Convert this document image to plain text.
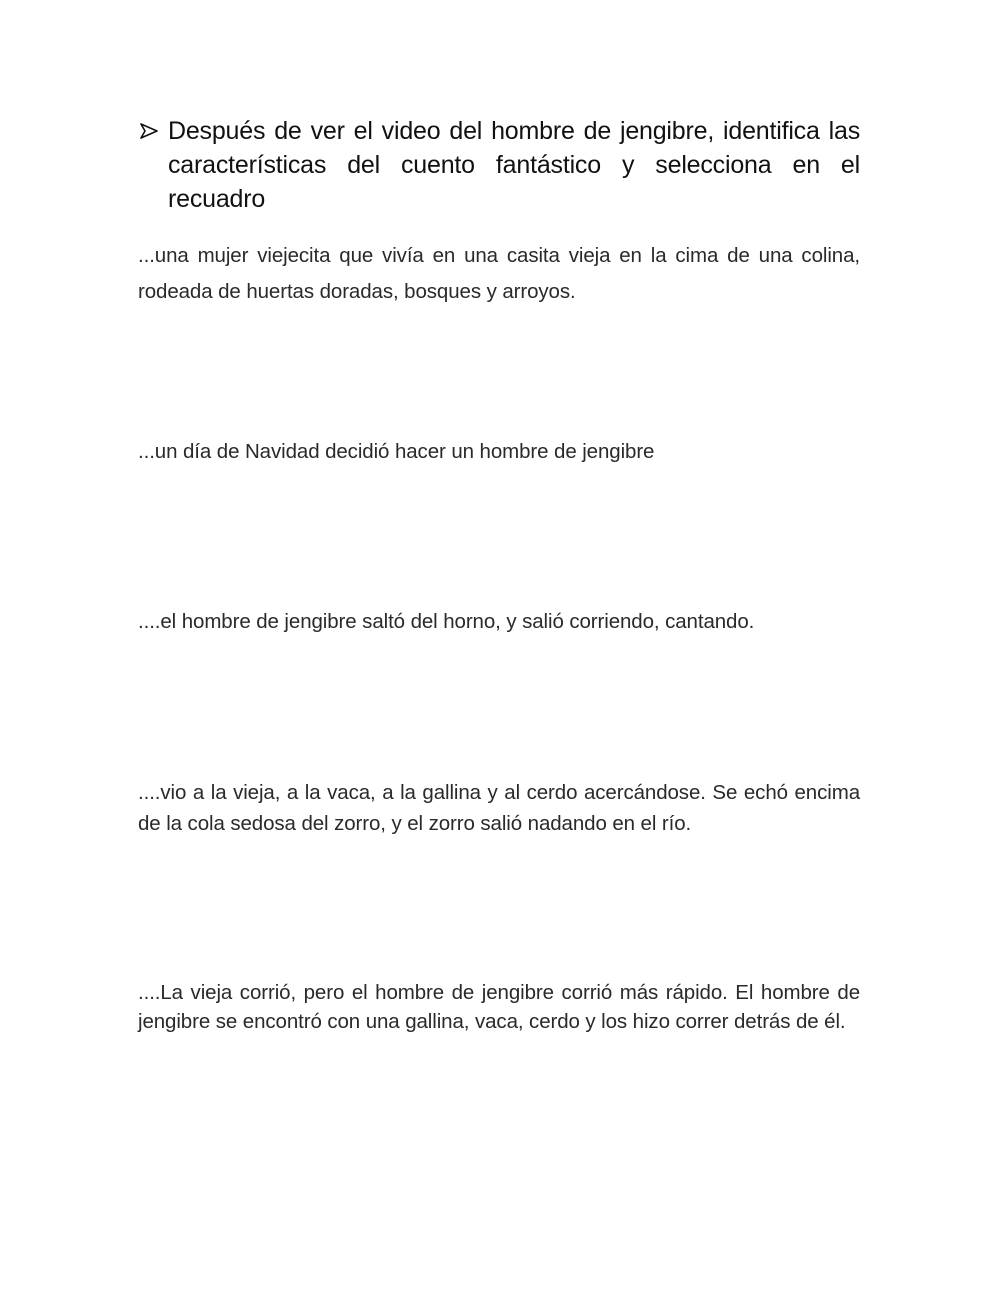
Después de ver el video del hombre de jengibre, identifica las características del cuento fantástico y selecciona en el recuadro
...una mujer viejecita que vivía en una casita vieja en la cima de una colina, rodeada de huertas doradas, bosques y arroyos.
...un día de Navidad decidió hacer un hombre de jengibre
....el hombre de jengibre saltó del horno, y salió corriendo, cantando.
....vio a la vieja, a la vaca, a la gallina y al cerdo acercándose. Se echó encima de la cola sedosa del zorro, y el zorro salió nadando en el río.
....La vieja corrió, pero el hombre de jengibre corrió más rápido. El hombre de jengibre se encontró con una gallina, vaca, cerdo y los hizo correr detrás de él.
